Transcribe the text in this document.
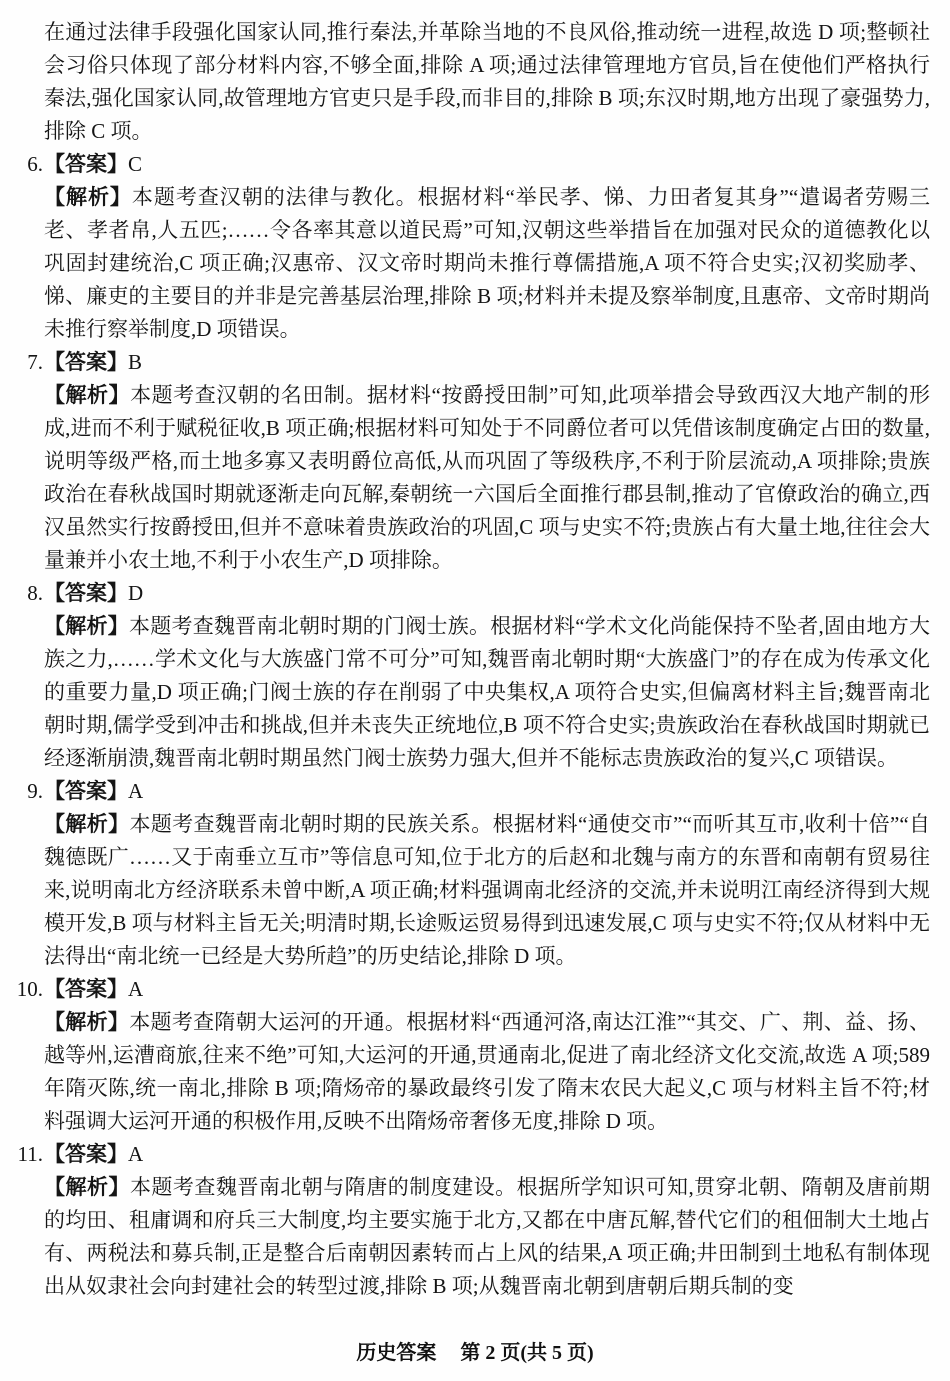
在通过法律手段强化国家认同,推行秦法,并革除当地的不良风俗,推动统一进程,故选 D 项;整顿社会习俗只体现了部分材料内容,不够全面,排除 A 项;通过法律管理地方官员,旨在使他们严格执行秦法,强化国家认同,故管理地方官吏只是手段,而非目的,排除 B 项;东汉时期,地方出现了豪强势力,排除 C 项。

6. 【答案】C

【解析】本题考查汉朝的法律与教化。根据材料“举民孝、悌、力田者复其身”“遣谒者劳赐三老、孝者帛,人五匹;……令各率其意以道民焉”可知,汉朝这些举措旨在加强对民众的道德教化以巩固封建统治,C 项正确;汉惠帝、汉文帝时期尚未推行尊儒措施,A 项不符合史实;汉初奖励孝、悌、廉吏的主要目的并非是完善基层治理,排除 B 项;材料并未提及察举制度,且惠帝、文帝时期尚未推行察举制度,D 项错误。

7. 【答案】B

【解析】本题考查汉朝的名田制。据材料“按爵授田制”可知,此项举措会导致西汉大地产制的形成,进而不利于赋税征收,B 项正确;根据材料可知处于不同爵位者可以凭借该制度确定占田的数量,说明等级严格,而土地多寡又表明爵位高低,从而巩固了等级秩序,不利于阶层流动,A 项排除;贵族政治在春秋战国时期就逐渐走向瓦解,秦朝统一六国后全面推行郡县制,推动了官僚政治的确立,西汉虽然实行按爵授田,但并不意味着贵族政治的巩固,C 项与史实不符;贵族占有大量土地,往往会大量兼并小农土地,不利于小农生产,D 项排除。

8. 【答案】D

【解析】本题考查魏晋南北朝时期的门阀士族。根据材料“学术文化尚能保持不坠者,固由地方大族之力,……学术文化与大族盛门常不可分”可知,魏晋南北朝时期“大族盛门”的存在成为传承文化的重要力量,D 项正确;门阀士族的存在削弱了中央集权,A 项符合史实,但偏离材料主旨;魏晋南北朝时期,儒学受到冲击和挑战,但并未丧失正统地位,B 项不符合史实;贵族政治在春秋战国时期就已经逐渐崩溃,魏晋南北朝时期虽然门阀士族势力强大,但并不能标志贵族政治的复兴,C 项错误。

9. 【答案】A

【解析】本题考查魏晋南北朝时期的民族关系。根据材料“通使交市”“而听其互市,收利十倍”“自魏德既广……又于南垂立互市”等信息可知,位于北方的后赵和北魏与南方的东晋和南朝有贸易往来,说明南北方经济联系未曾中断,A 项正确;材料强调南北经济的交流,并未说明江南经济得到大规模开发,B 项与材料主旨无关;明清时期,长途贩运贸易得到迅速发展,C 项与史实不符;仅从材料中无法得出“南北统一已经是大势所趋”的历史结论,排除 D 项。

10. 【答案】A

【解析】本题考查隋朝大运河的开通。根据材料“西通河洛,南达江淮”“其交、广、荆、益、扬、越等州,运漕商旅,往来不绝”可知,大运河的开通,贯通南北,促进了南北经济文化交流,故选 A 项;589 年隋灭陈,统一南北,排除 B 项;隋炀帝的暴政最终引发了隋末农民大起义,C 项与材料主旨不符;材料强调大运河开通的积极作用,反映不出隋炀帝奢侈无度,排除 D 项。

11. 【答案】A

【解析】本题考查魏晋南北朝与隋唐的制度建设。根据所学知识可知,贯穿北朝、隋朝及唐前期的均田、租庸调和府兵三大制度,均主要实施于北方,又都在中唐瓦解,替代它们的租佃制大土地占有、两税法和募兵制,正是整合后南朝因素转而占上风的结果,A 项正确;井田制到土地私有制体现出从奴隶社会向封建社会的转型过渡,排除 B 项;从魏晋南北朝到唐朝后期兵制的变

历史答案 第 2 页(共 5 页)
